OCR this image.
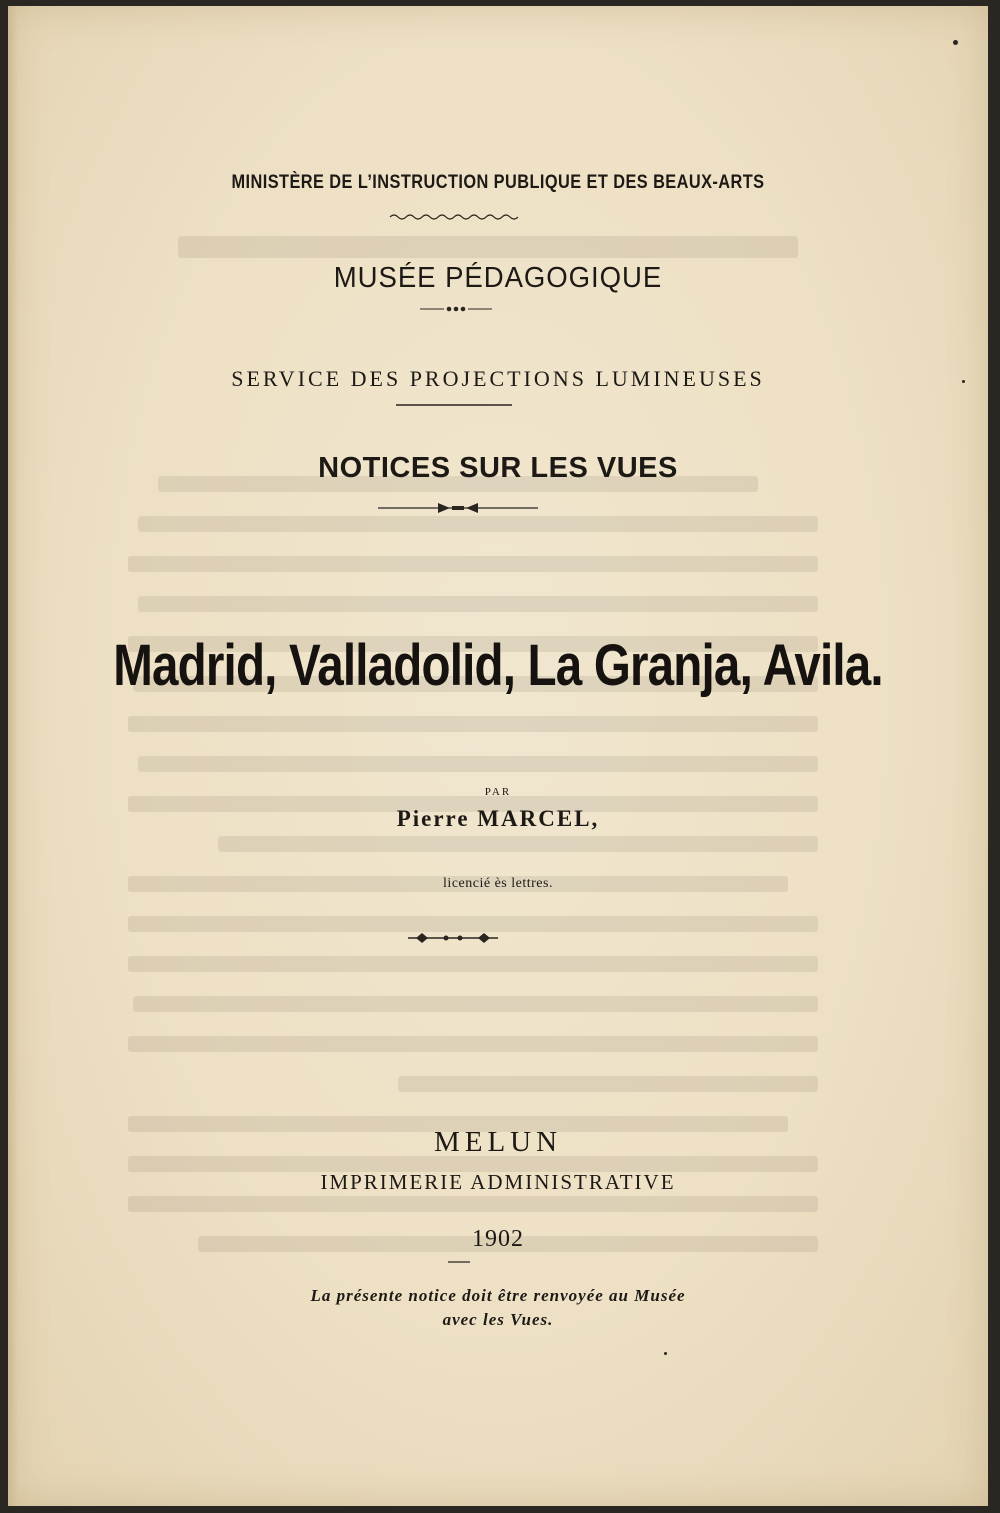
MINISTÈRE DE L’INSTRUCTION PUBLIQUE ET DES BEAUX-ARTS
MUSÉE PÉDAGOGIQUE
SERVICE DES PROJECTIONS LUMINEUSES
NOTICES SUR LES VUES
Madrid, Valladolid, La Granja, Avila.
PAR
Pierre MARCEL,
licencié ès lettres.
MELUN
IMPRIMERIE ADMINISTRATIVE
1902
La présente notice doit être renvoyée au Musée
avec les Vues.
